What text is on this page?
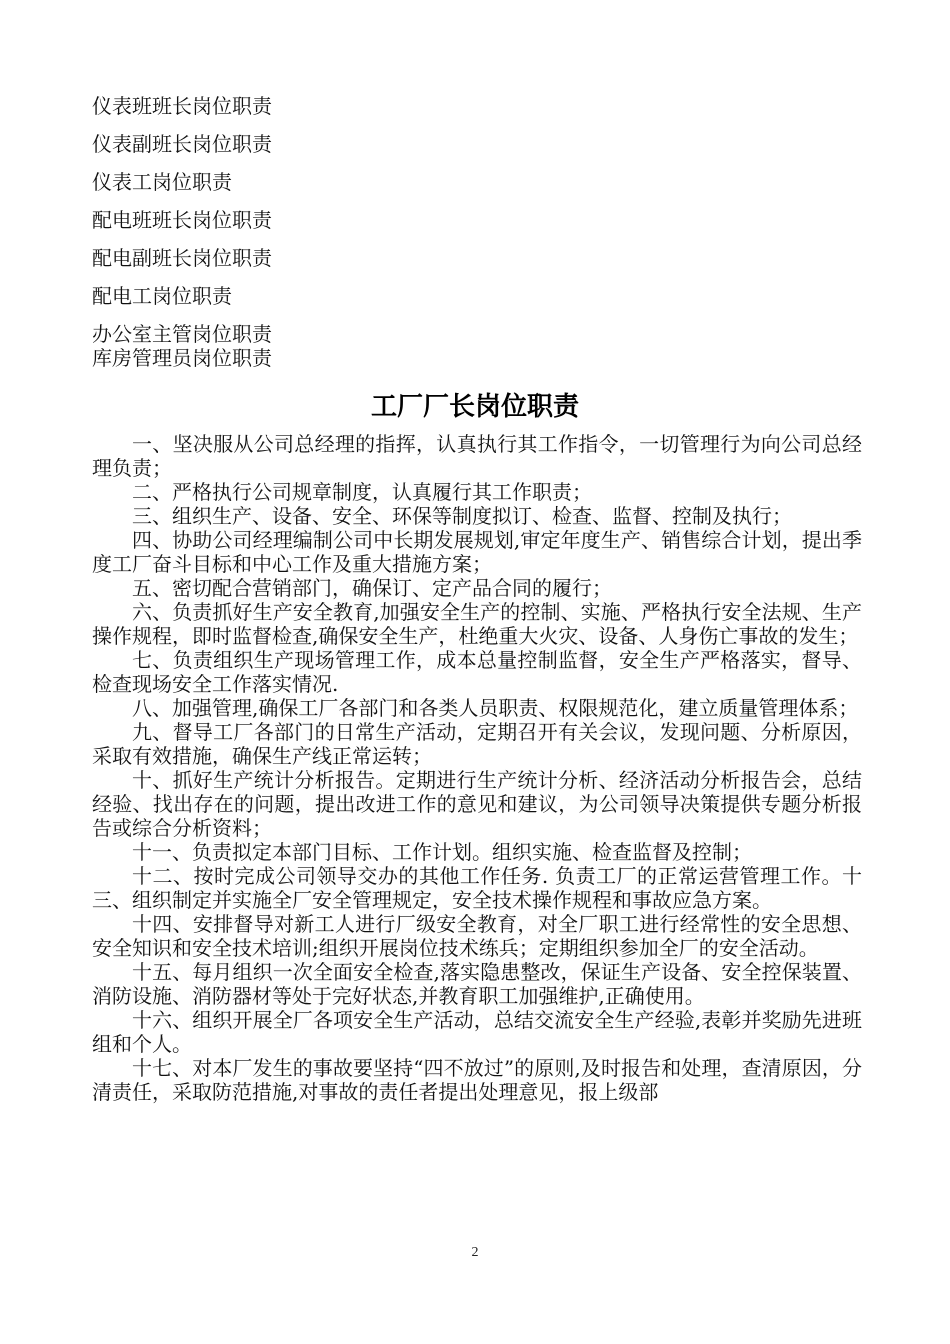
仪表班班长岗位职责
仪表副班长岗位职责
仪表工岗位职责
配电班班长岗位职责
配电副班长岗位职责
配电工岗位职责
办公室主管岗位职责
库房管理员岗位职责
工厂厂长岗位职责

一、坚决服从公司总经理的指挥，认真执行其工作指令，一切管理行为向公司总经理负责；

二、严格执行公司规章制度，认真履行其工作职责；

三、组织生产、设备、安全、环保等制度拟订、检查、监督、控制及执行；

四、协助公司经理编制公司中长期发展规划,审定年度生产、销售综合计划，提出季度工厂奋斗目标和中心工作及重大措施方案；

五、密切配合营销部门，确保订、定产品合同的履行；

六、负责抓好生产安全教育,加强安全生产的控制、实施、严格执行安全法规、生产操作规程，即时监督检查,确保安全生产，杜绝重大火灾、设备、人身伤亡事故的发生；

七、负责组织生产现场管理工作，成本总量控制监督，安全生产严格落实，督导、检查现场安全工作落实情况.

八、加强管理,确保工厂各部门和各类人员职责、权限规范化，建立质量管理体系；

九、督导工厂各部门的日常生产活动，定期召开有关会议，发现问题、分析原因，采取有效措施，确保生产线正常运转；

十、抓好生产统计分析报告。定期进行生产统计分析、经济活动分析报告会，总结经验、找出存在的问题，提出改进工作的意见和建议，为公司领导决策提供专题分析报告或综合分析资料；

十一、负责拟定本部门目标、工作计划。组织实施、检查监督及控制；

十二、按时完成公司领导交办的其他工作任务. 负责工厂的正常运营管理工作。十三、组织制定并实施全厂安全管理规定，安全技术操作规程和事故应急方案。

十四、安排督导对新工人进行厂级安全教育，对全厂职工进行经常性的安全思想、安全知识和安全技术培训;组织开展岗位技术练兵；定期组织参加全厂的安全活动。

十五、每月组织一次全面安全检查,落实隐患整改，保证生产设备、安全控保装置、消防设施、消防器材等处于完好状态,并教育职工加强维护,正确使用。

十六、组织开展全厂各项安全生产活动，总结交流安全生产经验,表彰并奖励先进班组和个人。

十七、对本厂发生的事故要坚持“四不放过”的原则,及时报告和处理，查清原因，分清责任，采取防范措施,对事故的责任者提出处理意见，报上级部

2
